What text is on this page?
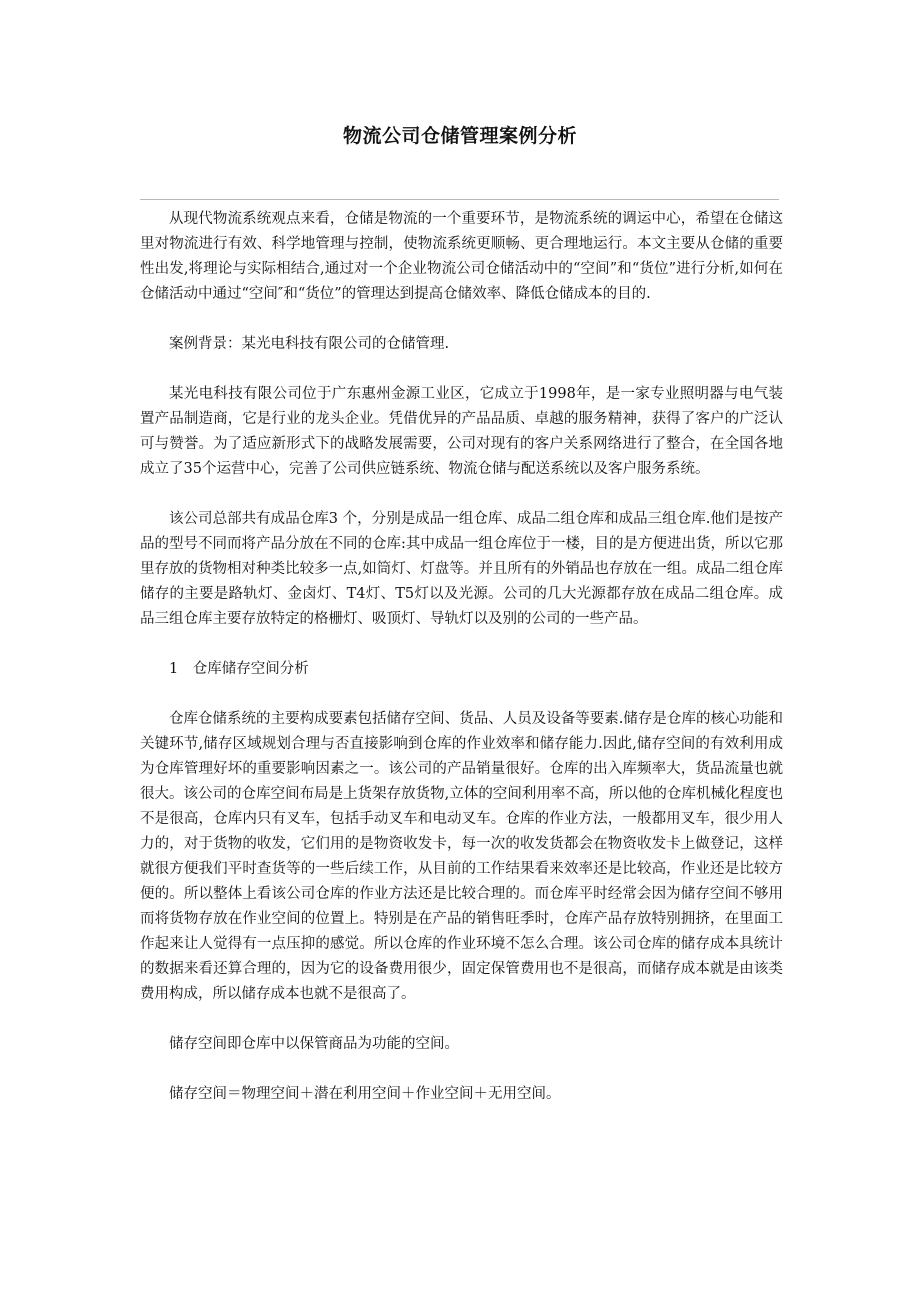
物流公司仓储管理案例分析

从现代物流系统观点来看，仓储是物流的一个重要环节，是物流系统的调运中心，希望在仓储这里对物流进行有效、科学地管理与控制，使物流系统更顺畅、更合理地运行。本文主要从仓储的重要性出发,将理论与实际相结合,通过对一个企业物流公司仓储活动中的“空间”和“货位”进行分析,如何在仓储活动中通过“空间″和“货位”的管理达到提高仓储效率、降低仓储成本的目的.

案例背景：某光电科技有限公司的仓储管理.

某光电科技有限公司位于广东惠州金源工业区，它成立于1998年，是一家专业照明器与电气装置产品制造商，它是行业的龙头企业。凭借优异的产品品质、卓越的服务精神，获得了客户的广泛认可与赞誉。为了适应新形式下的战略发展需要，公司对现有的客户关系网络进行了整合，在全国各地成立了35个运营中心，完善了公司供应链系统、物流仓储与配送系统以及客户服务系统。

该公司总部共有成品仓库3 个，分别是成品一组仓库、成品二组仓库和成品三组仓库.他们是按产品的型号不同而将产品分放在不同的仓库:其中成品一组仓库位于一楼，目的是方便进出货，所以它那里存放的货物相对种类比较多一点,如筒灯、灯盘等。并且所有的外销品也存放在一组。成品二组仓库储存的主要是路轨灯、金卤灯、T4灯、T5灯以及光源。公司的几大光源都存放在成品二组仓库。成品三组仓库主要存放特定的格栅灯、吸顶灯、导轨灯以及别的公司的一些产品。

1　仓库储存空间分析

仓库仓储系统的主要构成要素包括储存空间、货品、人员及设备等要素.储存是仓库的核心功能和关键环节,储存区域规划合理与否直接影响到仓库的作业效率和储存能力.因此,储存空间的有效利用成为仓库管理好坏的重要影响因素之一。该公司的产品销量很好。仓库的出入库频率大，货品流量也就很大。该公司的仓库空间布局是上货架存放货物,立体的空间利用率不高，所以他的仓库机械化程度也不是很高，仓库内只有叉车，包括手动叉车和电动叉车。仓库的作业方法，一般都用叉车，很少用人力的，对于货物的收发，它们用的是物资收发卡，每一次的收发货都会在物资收发卡上做登记，这样就很方便我们平时查货等的一些后续工作，从目前的工作结果看来效率还是比较高，作业还是比较方便的。所以整体上看该公司仓库的作业方法还是比较合理的。而仓库平时经常会因为储存空间不够用而将货物存放在作业空间的位置上。特别是在产品的销售旺季时，仓库产品存放特别拥挤，在里面工作起来让人觉得有一点压抑的感觉。所以仓库的作业环境不怎么合理。该公司仓库的储存成本具统计的数据来看还算合理的，因为它的设备费用很少，固定保管费用也不是很高，而储存成本就是由该类费用构成，所以储存成本也就不是很高了。

储存空间即仓库中以保管商品为功能的空间。

储存空间＝物理空间＋潜在利用空间＋作业空间＋无用空间。
